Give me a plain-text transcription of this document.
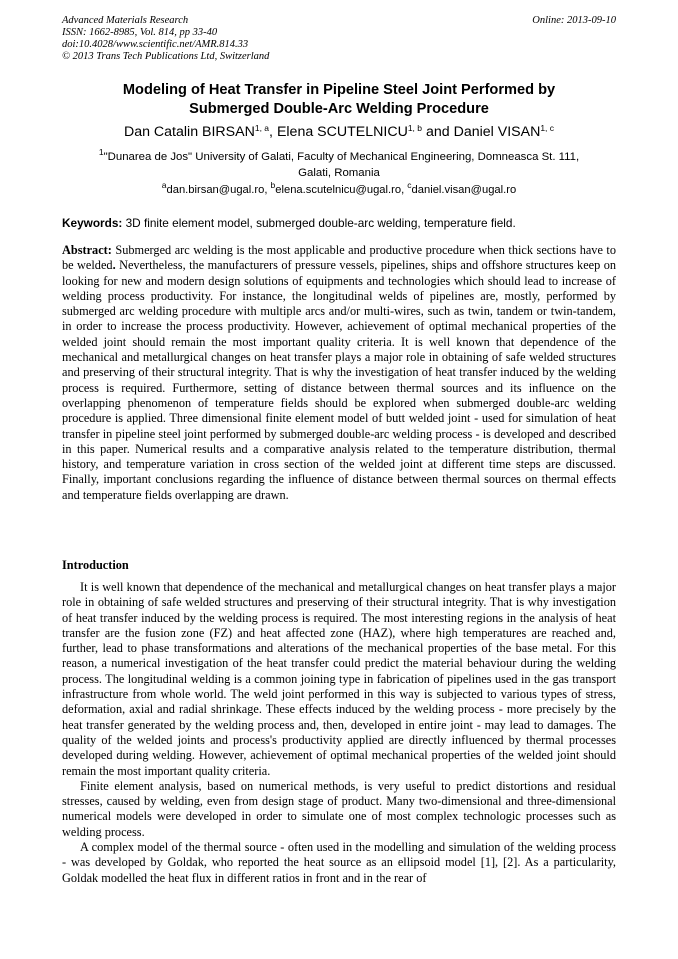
Advanced Materials Research
ISSN: 1662-8985, Vol. 814, pp 33-40
doi:10.4028/www.scientific.net/AMR.814.33
© 2013 Trans Tech Publications Ltd, Switzerland
Online: 2013-09-10
Modeling of Heat Transfer in Pipeline Steel Joint Performed by
Submerged Double-Arc Welding Procedure
Dan Catalin BIRSAN$^{1, a}$, Elena SCUTELNICU$^{1, b}$ and Daniel VISAN$^{1, c}$
$^1$"Dunarea de Jos" University of Galati, Faculty of Mechanical Engineering, Domneasca St. 111,
Galati, Romania
$^a$dan.birsan@ugal.ro, $^b$elena.scutelnicu@ugal.ro, $^c$daniel.visan@ugal.ro
Keywords: 3D finite element model, submerged double-arc welding, temperature field.
Abstract: Submerged arc welding is the most applicable and productive procedure when thick sections have to be welded. Nevertheless, the manufacturers of pressure vessels, pipelines, ships and offshore structures keep on looking for new and modern design solutions of equipments and technologies which should lead to increase of welding process productivity. For instance, the longitudinal welds of pipelines are, mostly, performed by submerged arc welding procedure with multiple arcs and/or multi-wires, such as twin, tandem or twin-tandem, in order to increase the process productivity. However, achievement of optimal mechanical properties of the welded joint should remain the most important quality criteria. It is well known that dependence of the mechanical and metallurgical changes on heat transfer plays a major role in obtaining of safe welded structures and preserving of their structural integrity. That is why the investigation of heat transfer induced by the welding process is required. Furthermore, setting of distance between thermal sources and its influence on the overlapping phenomenon of temperature fields should be explored when submerged double-arc welding procedure is applied. Three dimensional finite element model of butt welded joint - used for simulation of heat transfer in pipeline steel joint performed by submerged double-arc welding process - is developed and described in this paper. Numerical results and a comparative analysis related to the temperature distribution, thermal history, and temperature variation in cross section of the welded joint at different time steps are discussed. Finally, important conclusions regarding the influence of distance between thermal sources on thermal effects and temperature fields overlapping are drawn.
Introduction

It is well known that dependence of the mechanical and metallurgical changes on heat transfer plays a major role in obtaining of safe welded structures and preserving of their structural integrity. That is why investigation of heat transfer induced by the welding process is required. The most interesting regions in the analysis of heat transfer are the fusion zone (FZ) and heat affected zone (HAZ), where high temperatures are reached and, further, lead to phase transformations and alterations of the mechanical properties of the base metal. For this reason, a numerical investigation of the heat transfer could predict the material behaviour during the welding process. The longitudinal welding is a common joining type in fabrication of pipelines used in the gas transport infrastructure from whole world. The weld joint performed in this way is subjected to various types of stress, deformation, axial and radial shrinkage. These effects induced by the welding process - more precisely by the heat transfer generated by the welding process and, then, developed in entire joint - may lead to damages. The quality of the welded joints and process's productivity applied are directly influenced by thermal processes developed during welding. However, achievement of optimal mechanical properties of the welded joint should remain the most important quality criteria.

Finite element analysis, based on numerical methods, is very useful to predict distortions and residual stresses, caused by welding, even from design stage of product. Many two-dimensional and three-dimensional numerical models were developed in order to simulate one of most complex technologic processes such as welding process.

A complex model of the thermal source - often used in the modelling and simulation of the welding process - was developed by Goldak, who reported the heat source as an ellipsoid model [1], [2]. As a particularity, Goldak modelled the heat flux in different ratios in front and in the rear of
